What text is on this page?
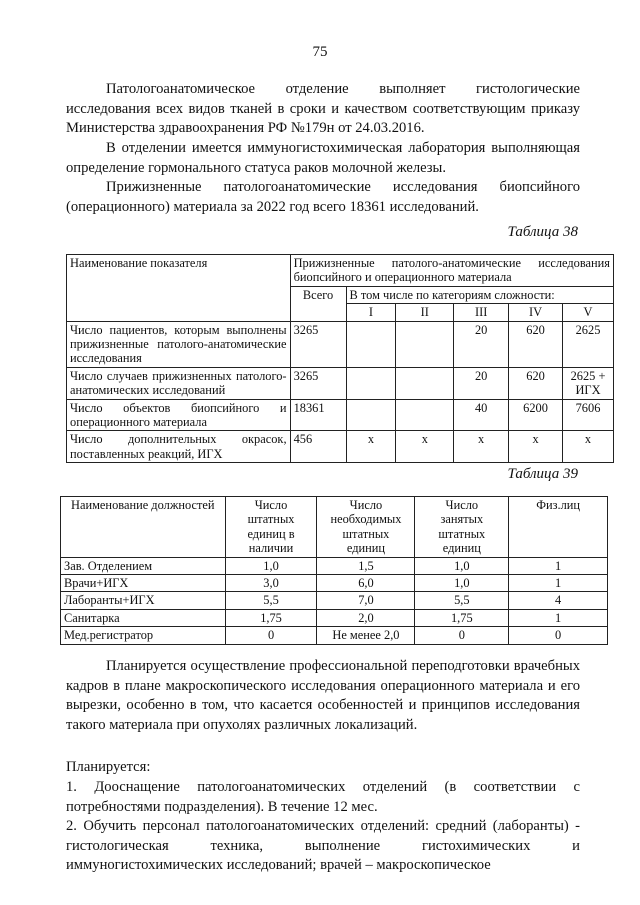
75
Патологоанатомическое отделение выполняет гистологические исследования всех видов тканей в сроки и качеством соответствующим приказу Министерства здравоохранения РФ №179н от 24.03.2016.
В отделении имеется иммуногистохимическая лаборатория выполняющая определение гормонального статуса раков молочной железы.
Прижизненные патологоанатомические исследования биопсийного (операционного) материала за 2022 год всего 18361 исследований.
Таблица 38
Наименование показателя	Прижизненные патолого-анатомические исследования биопсийного и операционного материала					
	Всего	В том числе по категориям сложности:				
		I	II	III	IV	V
Число пациентов, которым выполнены прижизненные патолого-анатомические исследования	3265			20	620	2625
Число случаев прижизненных патолого-анатомических исследований	3265			20	620	2625 + ИГХ
Число объектов биопсийного и операционного материала	18361			40	6200	7606
Число дополнительных окрасок, поставленных реакций, ИГХ	456	x	x	x	x	x
Таблица 39
Наименование должностей	Число штатных единиц в наличии	Число необходимых штатных единиц	Число занятых штатных единиц	Физ.лиц
Зав. Отделением	1,0	1,5	1,0	1
Врачи+ИГХ	3,0	6,0	1,0	1
Лаборанты+ИГХ	5,5	7,0	5,5	4
Санитарка	1,75	2,0	1,75	1
Мед.регистратор	0	Не менее 2,0	0	0
Планируется осуществление профессиональной переподготовки врачебных кадров в плане макроскопического исследования операционного материала и его вырезки, особенно в том, что касается особенностей и принципов исследования такого материала при опухолях различных локализаций.
Планируется:
1. Дооснащение патологоанатомических отделений (в соответствии с потребностями подразделения). В течение 12 мес.
2. Обучить персонал патологоанатомических отделений: средний (лаборанты) - гистологическая техника, выполнение гистохимических и иммуногистохимических исследований; врачей – макроскопическое
